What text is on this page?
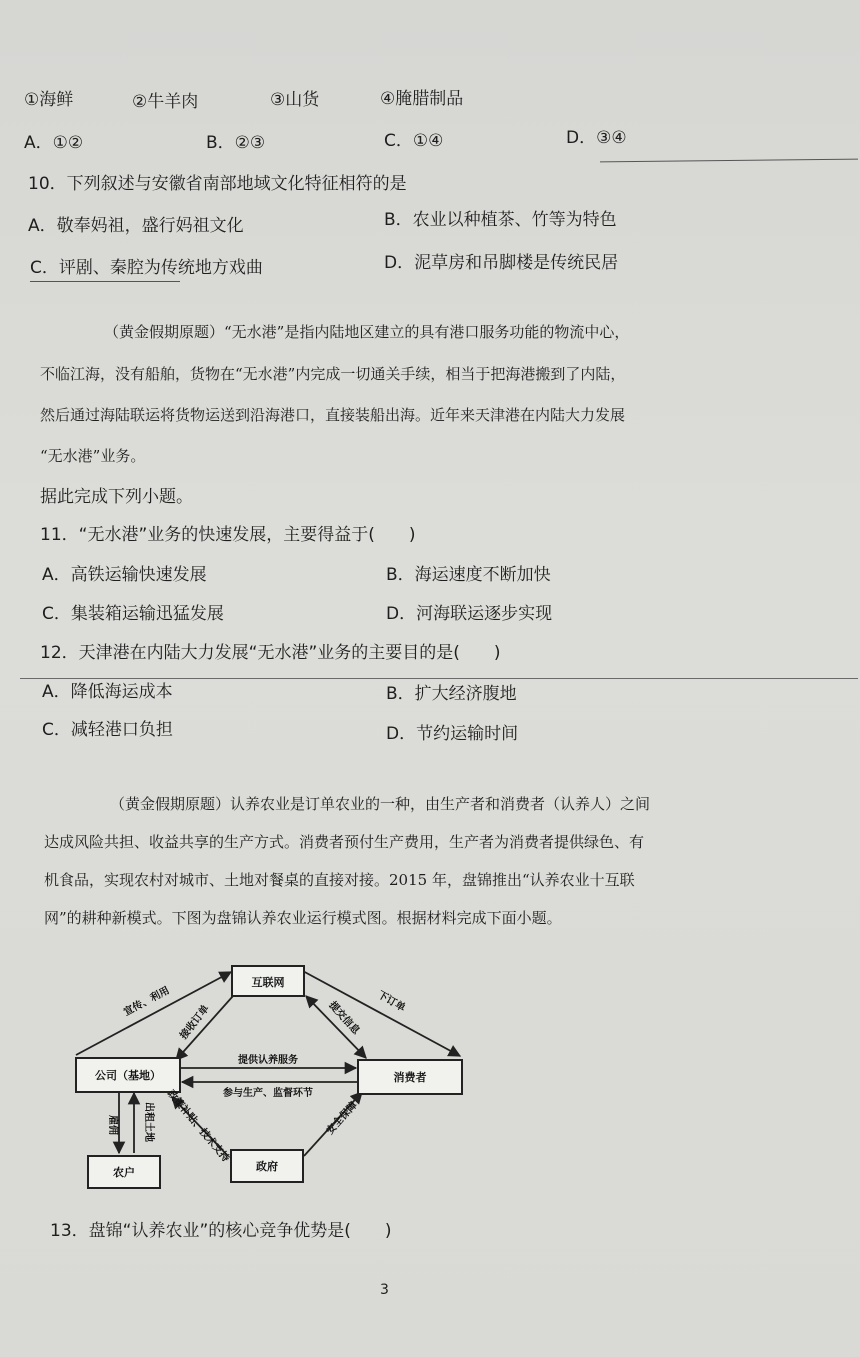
①海鲜	②牛羊肉	③山货	④腌腊制品
A．①②	B．②③	C．①④	D．③④
10．下列叙述与安徽省南部地域文化特征相符的是
A．敬奉妈祖，盛行妈祖文化	B．农业以种植茶、竹等为特色
C．评剧、秦腔为传统地方戏曲	D．泥草房和吊脚楼是传统民居
（黄金假期原题）“无水港”是指内陆地区建立的具有港口服务功能的物流中心，
不临江海，没有船舶，货物在“无水港”内完成一切通关手续，相当于把海港搬到了内陆，
然后通过海陆联运将货物运送到沿海港口，直接装船出海。近年来天津港在内陆大力发展
“无水港”业务。
据此完成下列小题。
11．“无水港”业务的快速发展，主要得益于(　　)
A．高铁运输快速发展	B．海运速度不断加快
C．集装箱运输迅猛发展	D．河海联运逐步实现
12．天津港在内陆大力发展“无水港”业务的主要目的是(　　)
A．降低海运成本	B．扩大经济腹地
C．减轻港口负担	D．节约运输时间
（黄金假期原题）认养农业是订单农业的一种，由生产者和消费者（认养人）之间
达成风险共担、收益共享的生产方式。消费者预付生产费用，生产者为消费者提供绿色、有
机食品，实现农村对城市、土地对餐桌的直接对接。2015 年，盘锦推出“认养农业十互联
网”的耕种新模式。下图为盘锦认养农业运行模式图。根据材料完成下面小题。
互联网
公司（基地）	消费者
农户	政府
宣传、利用
接收订单	提交信息 下订单
提供认养服务
参与生产、监督环节
雇佣	出租土地 政策补贴、技术支持	安全保障
13．盘锦“认养农业”的核心竞争优势是(　　)
3
